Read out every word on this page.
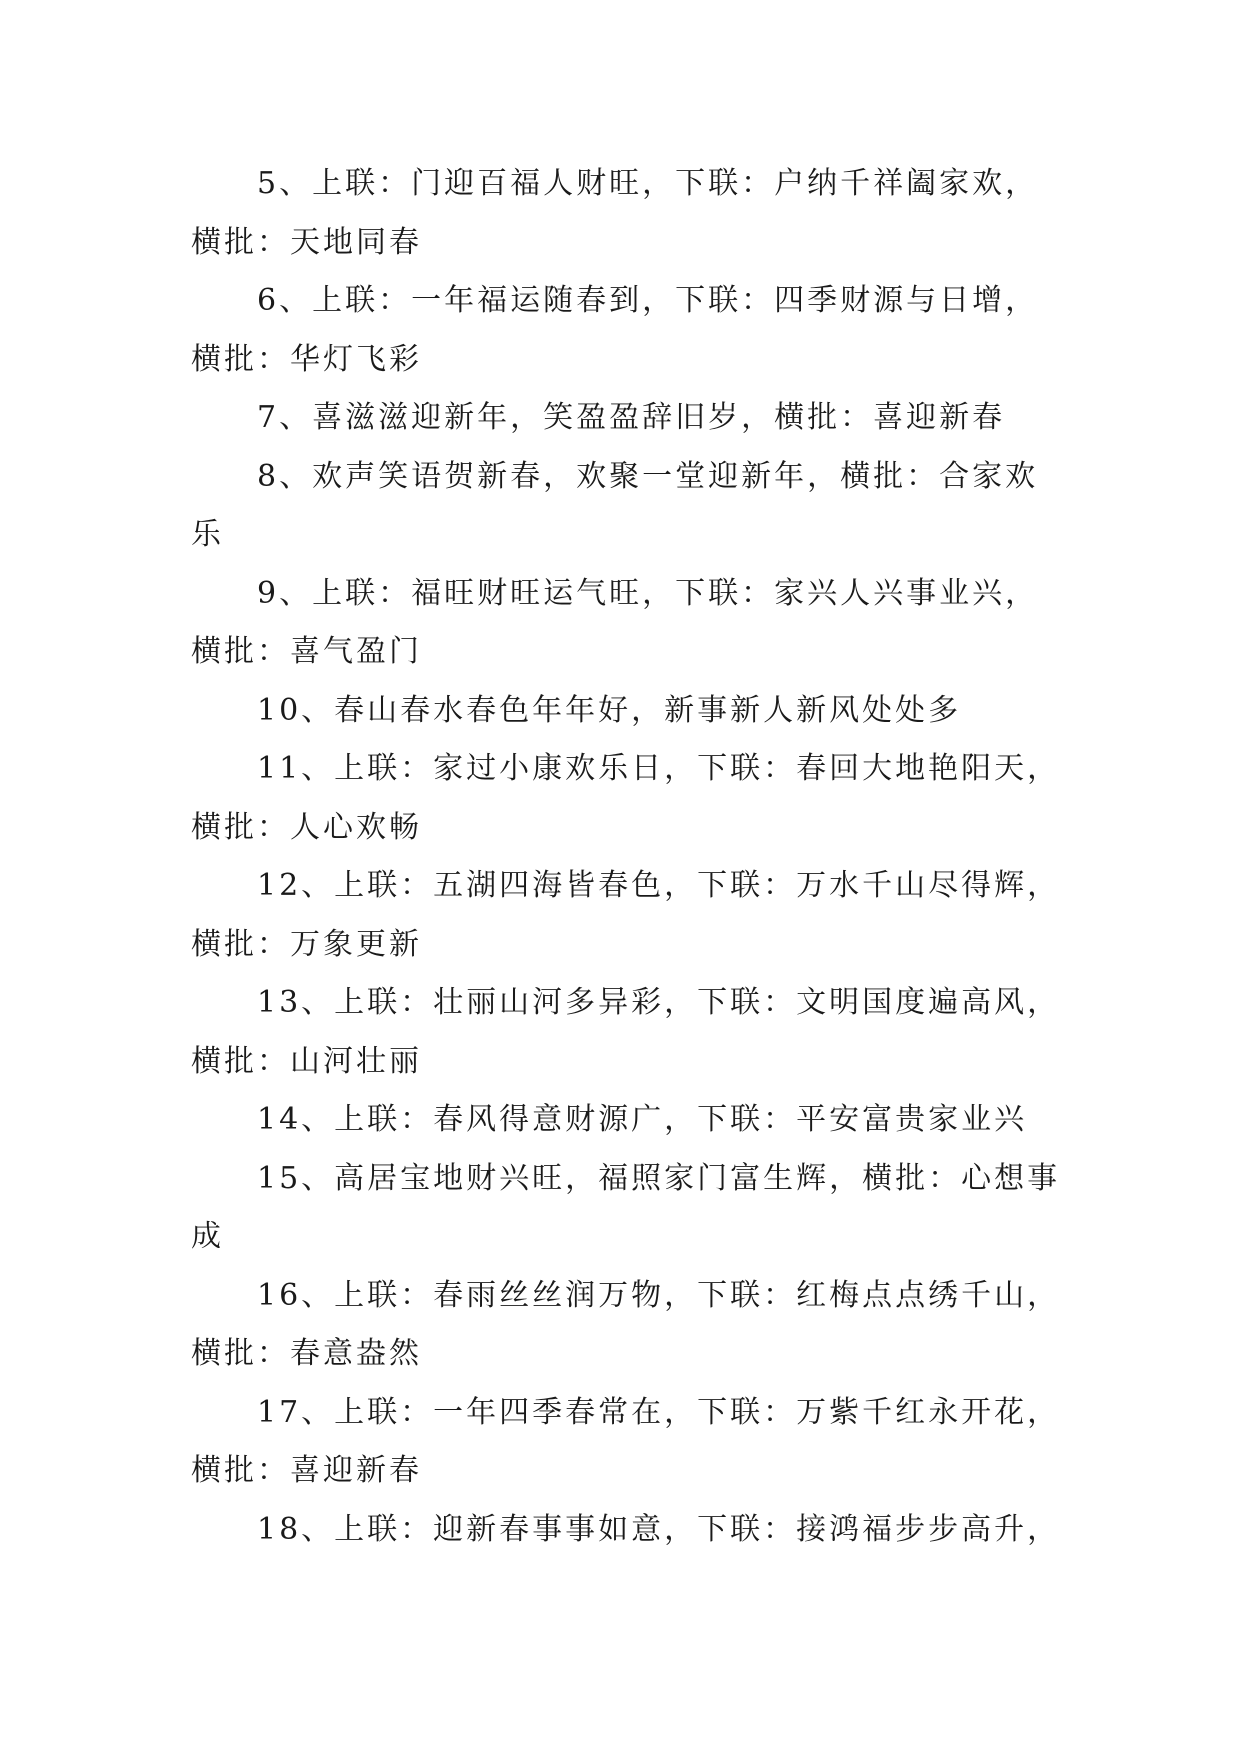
5、上联：门迎百福人财旺，下联：户纳千祥阖家欢，横批：天地同春

6、上联：一年福运随春到，下联：四季财源与日增，横批：华灯飞彩

7、喜滋滋迎新年，笑盈盈辞旧岁，横批：喜迎新春

8、欢声笑语贺新春，欢聚一堂迎新年，横批：合家欢乐

9、上联：福旺财旺运气旺，下联：家兴人兴事业兴，横批：喜气盈门

10、春山春水春色年年好，新事新人新风处处多

11、上联：家过小康欢乐日，下联：春回大地艳阳天，横批：人心欢畅

12、上联：五湖四海皆春色，下联：万水千山尽得辉，横批：万象更新

13、上联：壮丽山河多异彩，下联：文明国度遍高风，横批：山河壮丽

14、上联：春风得意财源广，下联：平安富贵家业兴

15、高居宝地财兴旺，福照家门富生辉，横批：心想事成

16、上联：春雨丝丝润万物，下联：红梅点点绣千山，横批：春意盎然

17、上联：一年四季春常在，下联：万紫千红永开花，横批：喜迎新春

18、上联：迎新春事事如意，下联：接鸿福步步高升，
